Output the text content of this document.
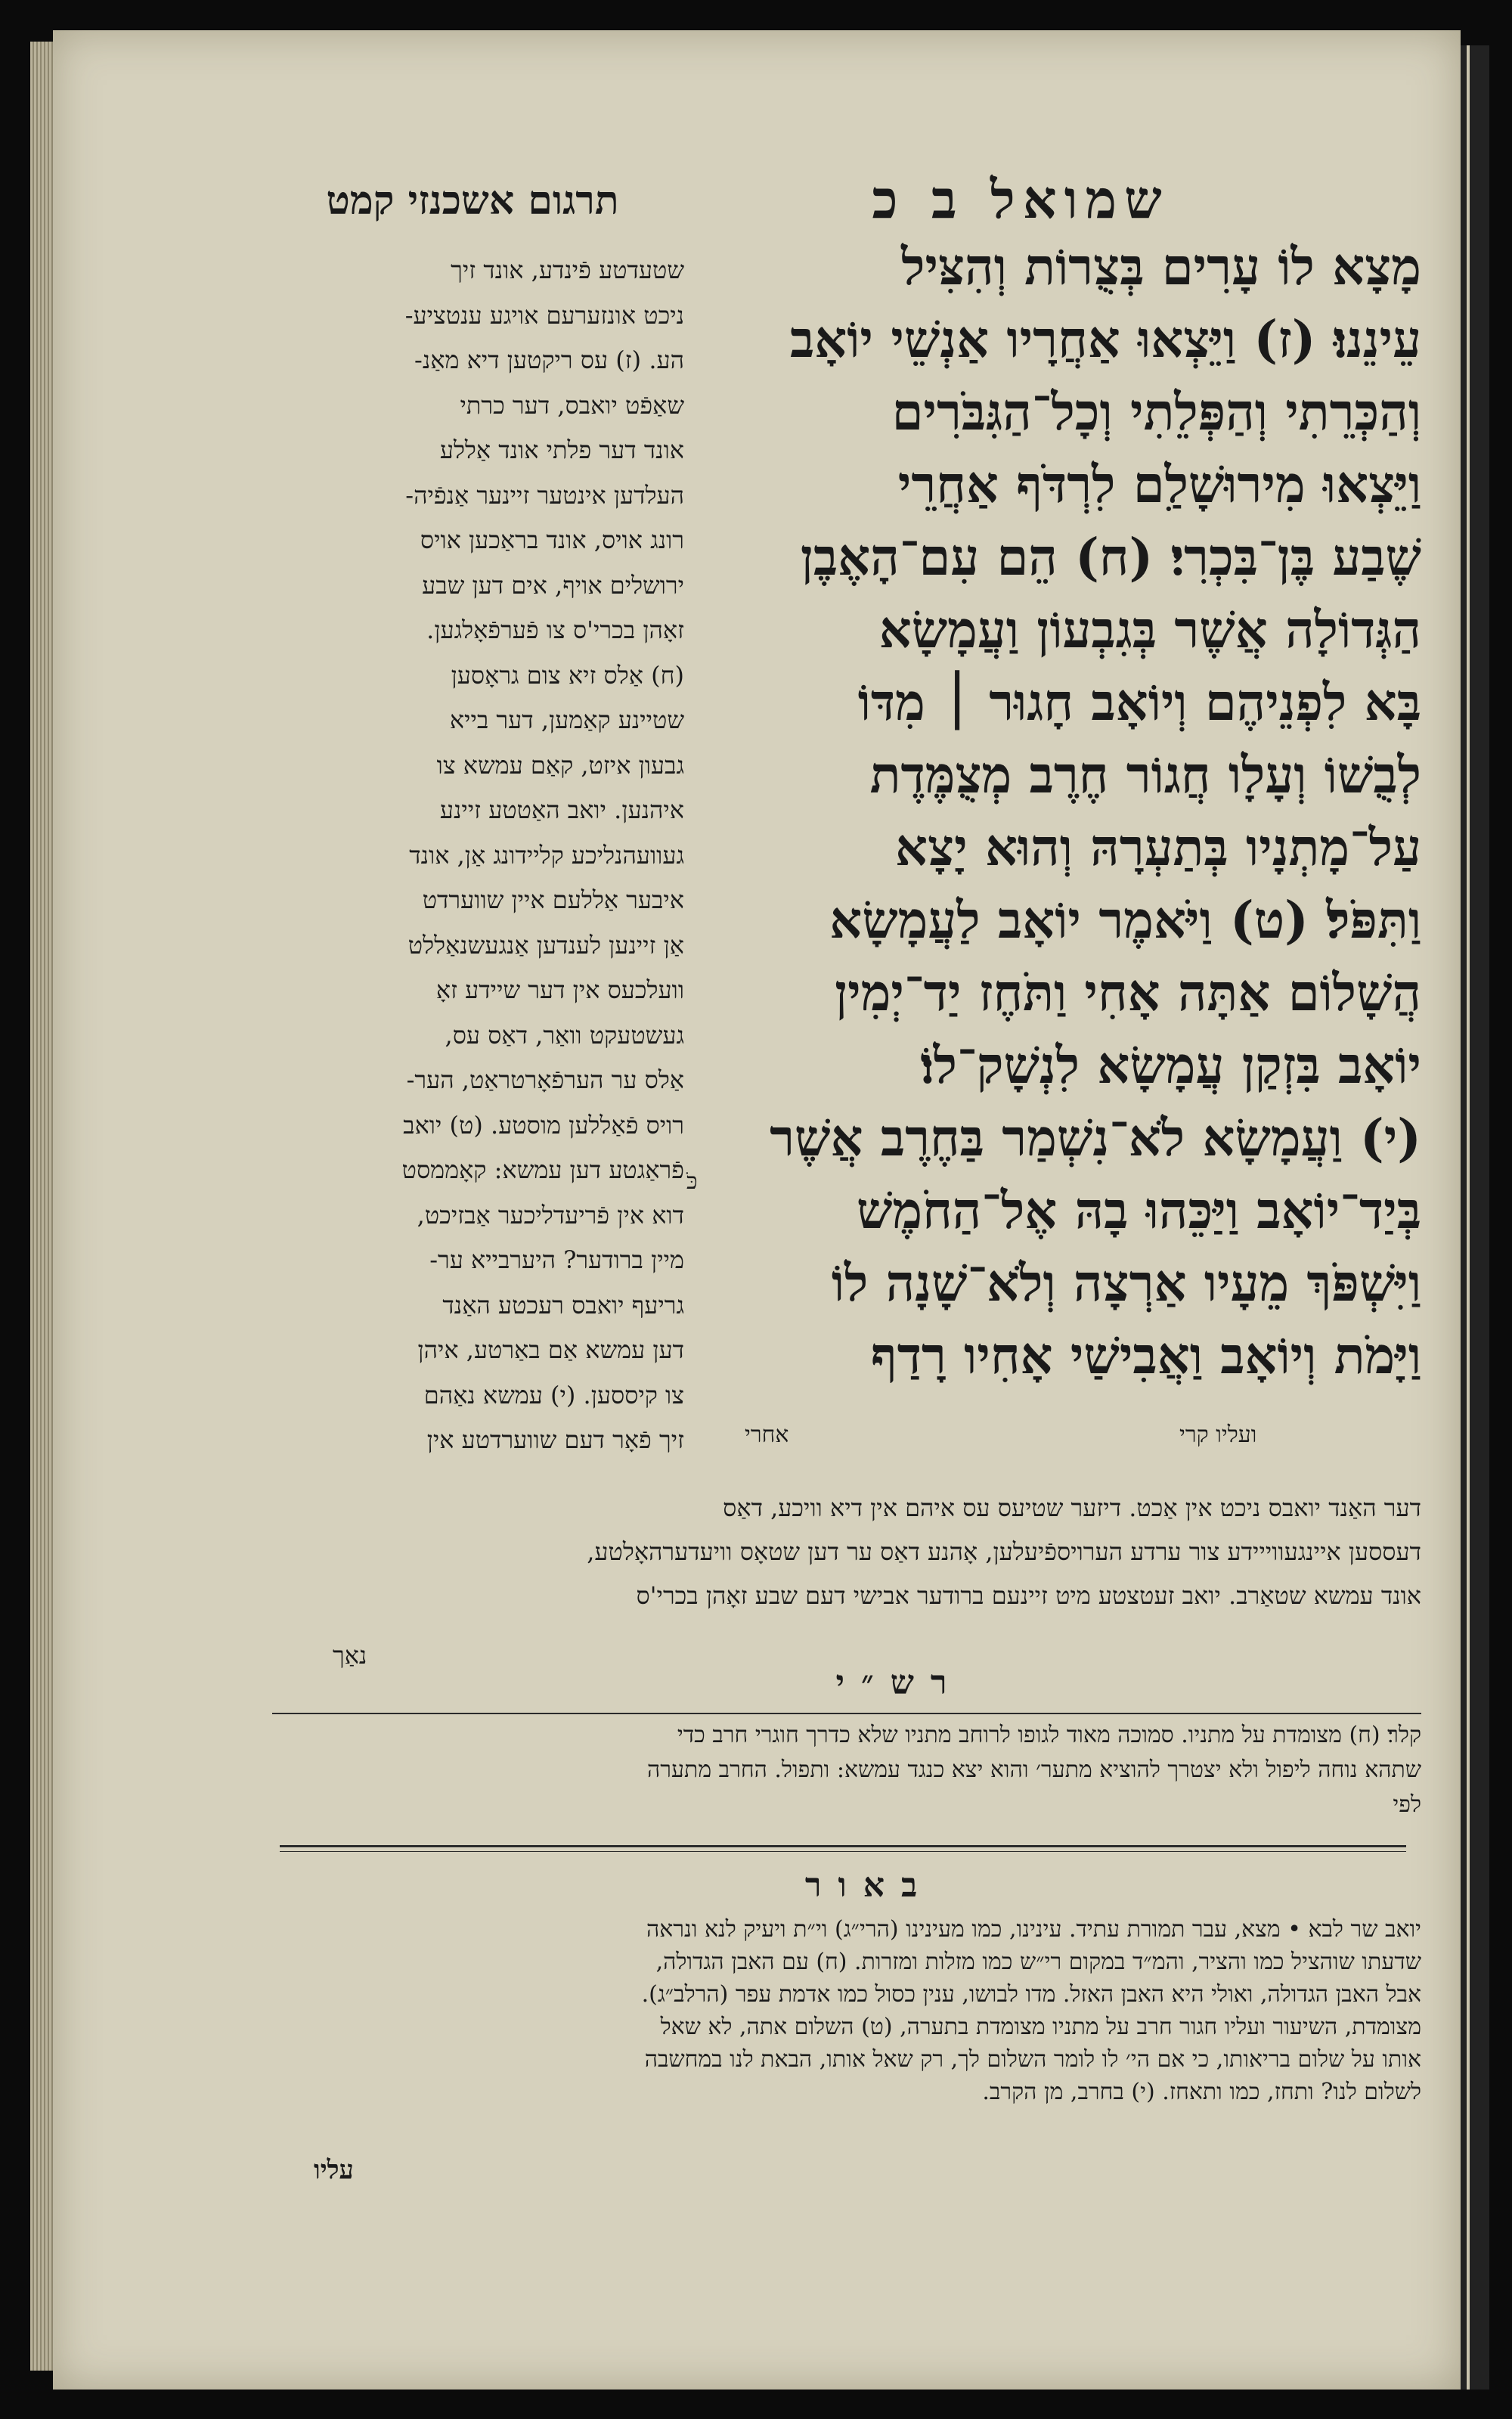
תרגום אשכנזי קמט	שמואל ב כ
מָצָא לוֹ עָרִים בְּצֻרוֹת וְהִצִּיל
עֵינֵנוּ׃ (ז) וַיֵּצְאוּ אַחֲרָיו אַנְשֵׁי יוֹאָב
וְהַכְּרֵתִי וְהַפְּלֵתִי וְכָל־הַגִּבֹּרִים
וַיֵּצְאוּ מִירוּשָׁלַ͏ִם לִרְדֹּף אַחֲרֵי
שֶׁבַע בֶּן־בִּכְרִי׃ (ח) הֵם עִם־הָאֶבֶן
הַגְּדוֹלָה אֲשֶׁר בְּגִבְעוֹן וַעֲמָשָׂא
בָּא לִפְנֵיהֶם וְיוֹאָב חָגוּר ׀ מִדּוֹ
לְבֻשׁוֹ וְעָלָו חֲגוֹר חֶרֶב מְצֻמֶּדֶת
עַל־מָתְנָיו בְּתַעְרָהּ וְהוּא יָצָא
וַתִּפֹּל׃ (ט) וַיֹּאמֶר יוֹאָב לַעֲמָשָׂא
הֲשָׁלוֹם אַתָּה אָחִי וַתֹּחֶז יַד־יְמִין
יוֹאָב בִּזְקַן עֲמָשָׂא לִנְשָׁק־לוֹ׃
(י) וַעֲמָשָׂא לֹא־נִשְׁמַר בַּחֶרֶב אֲשֶׁר
בְּיַד־יוֹאָב וַיַּכֵּהוּ בָהּ אֶל־הַחֹמֶשׁ
וַיִּשְׁפֹּךְ מֵעָיו אַרְצָה וְלֹא־שָׁנָה לוֹ
וַיָּמֹת וְיוֹאָב וַאֲבִישַׁי אָחִיו רָדַף
ועליו קרי
אחרי
שטעדטע פֿינדע, אונד זיך
ניכט אונזערעם אויגע ענטציע-
הע. (ז) עס ריקטען דיא מאַנ-
שאַפֿט יואבס, דער כרתי
אונד דער פלתי אונד אַללע
העלדען אינטער זיינער אַנפֿיה-
רונג אויס, אונד בראַכען אויס
ירושלים אויף, אים דען שבע
זאָהן בכרי'ס צו פֿערפֿאָלגען.
(ח) אַלס זיא צום גראָסען
שטיינע קאַמען, דער בייא
גבעון איזט, קאַם עמשא צו
איהנען. יואב האַטטע זיינע
געוועהנליכע קליידונג אַן, אונד
איבער אַללעם איין שווערדט
אַן זיינען לענדען אַנגעשנאַללט
וועלכעס אין דער שיידע זאָ
געשטעקט וואַר, דאַס עס,
אַלס ער הערפֿאָרטראַט, הער-
רויס פֿאַללען מוסטע. (ט) יואב
פֿראַגטע דען עמשא: קאָממסט
דוא אין פֿריעדליכער אַבזיכט,
מיין ברודער? היערבייא ער-
גריעף יואבס רעכטע האַנד
דען עמשא אַם באַרטע, איהן
צו קיססען. (י) עמשא נאַהם
זיך פֿאָר דעם שווערדטע אין
כֹּ
דער האַנד יואבס ניכט אין אַכט. דיזער שטיעס עס איהם אין דיא וויכע, דאַס
דעססען איינגעווייידע צור ערדע הערויספֿיעלען, אָהנע דאַס ער דען שטאָס וויעדערהאָלטע,
אונד עמשא שטאַרב. יואב זעטצטע מיט זיינעם ברודער אבישי דעם שבע זאָהן בכרי'ס
נאַך
רש״י
קלר׃ (ח) מצומדת על מתניו. סמוכה מאוד לגופו לרוחב מתניו שלא כדרך חוגרי חרב כדי
שתהא נוחה ליפול ולא יצטרך להוציא מתער׳ והוא יצא כנגד עמשא: ותפול. החרב מתערה
לפי
באור
יואב שר לבא • מצא, עבר תמורת עתיד. עינינו, כמו מעינינו (הרי״ג) וי״ת ויעיק לנא ונראה
שדעתו שוהציל כמו והציר, והמ״ד במקום רי״ש כמו מזלות ומזרות. (ח) עם האבן הגדולה,
אבל האבן הגדולה, ואולי היא האבן האזל. מדו לבושו, ענין כסול כמו אדמת עפר (הרלב״ג).
מצומדת, השיעור ועליו חגור חרב על מתניו מצומדת בתערה, (ט) השלום אתה, לא שאל
אותו על שלום בריאותו, כי אם הי׳ לו לומר השלום לך, רק שאל אותו, הבאת לנו במחשבה
לשלום לנו? ותחז, כמו ותאחז. (י) בחרב, מן הקרב.
עליו
